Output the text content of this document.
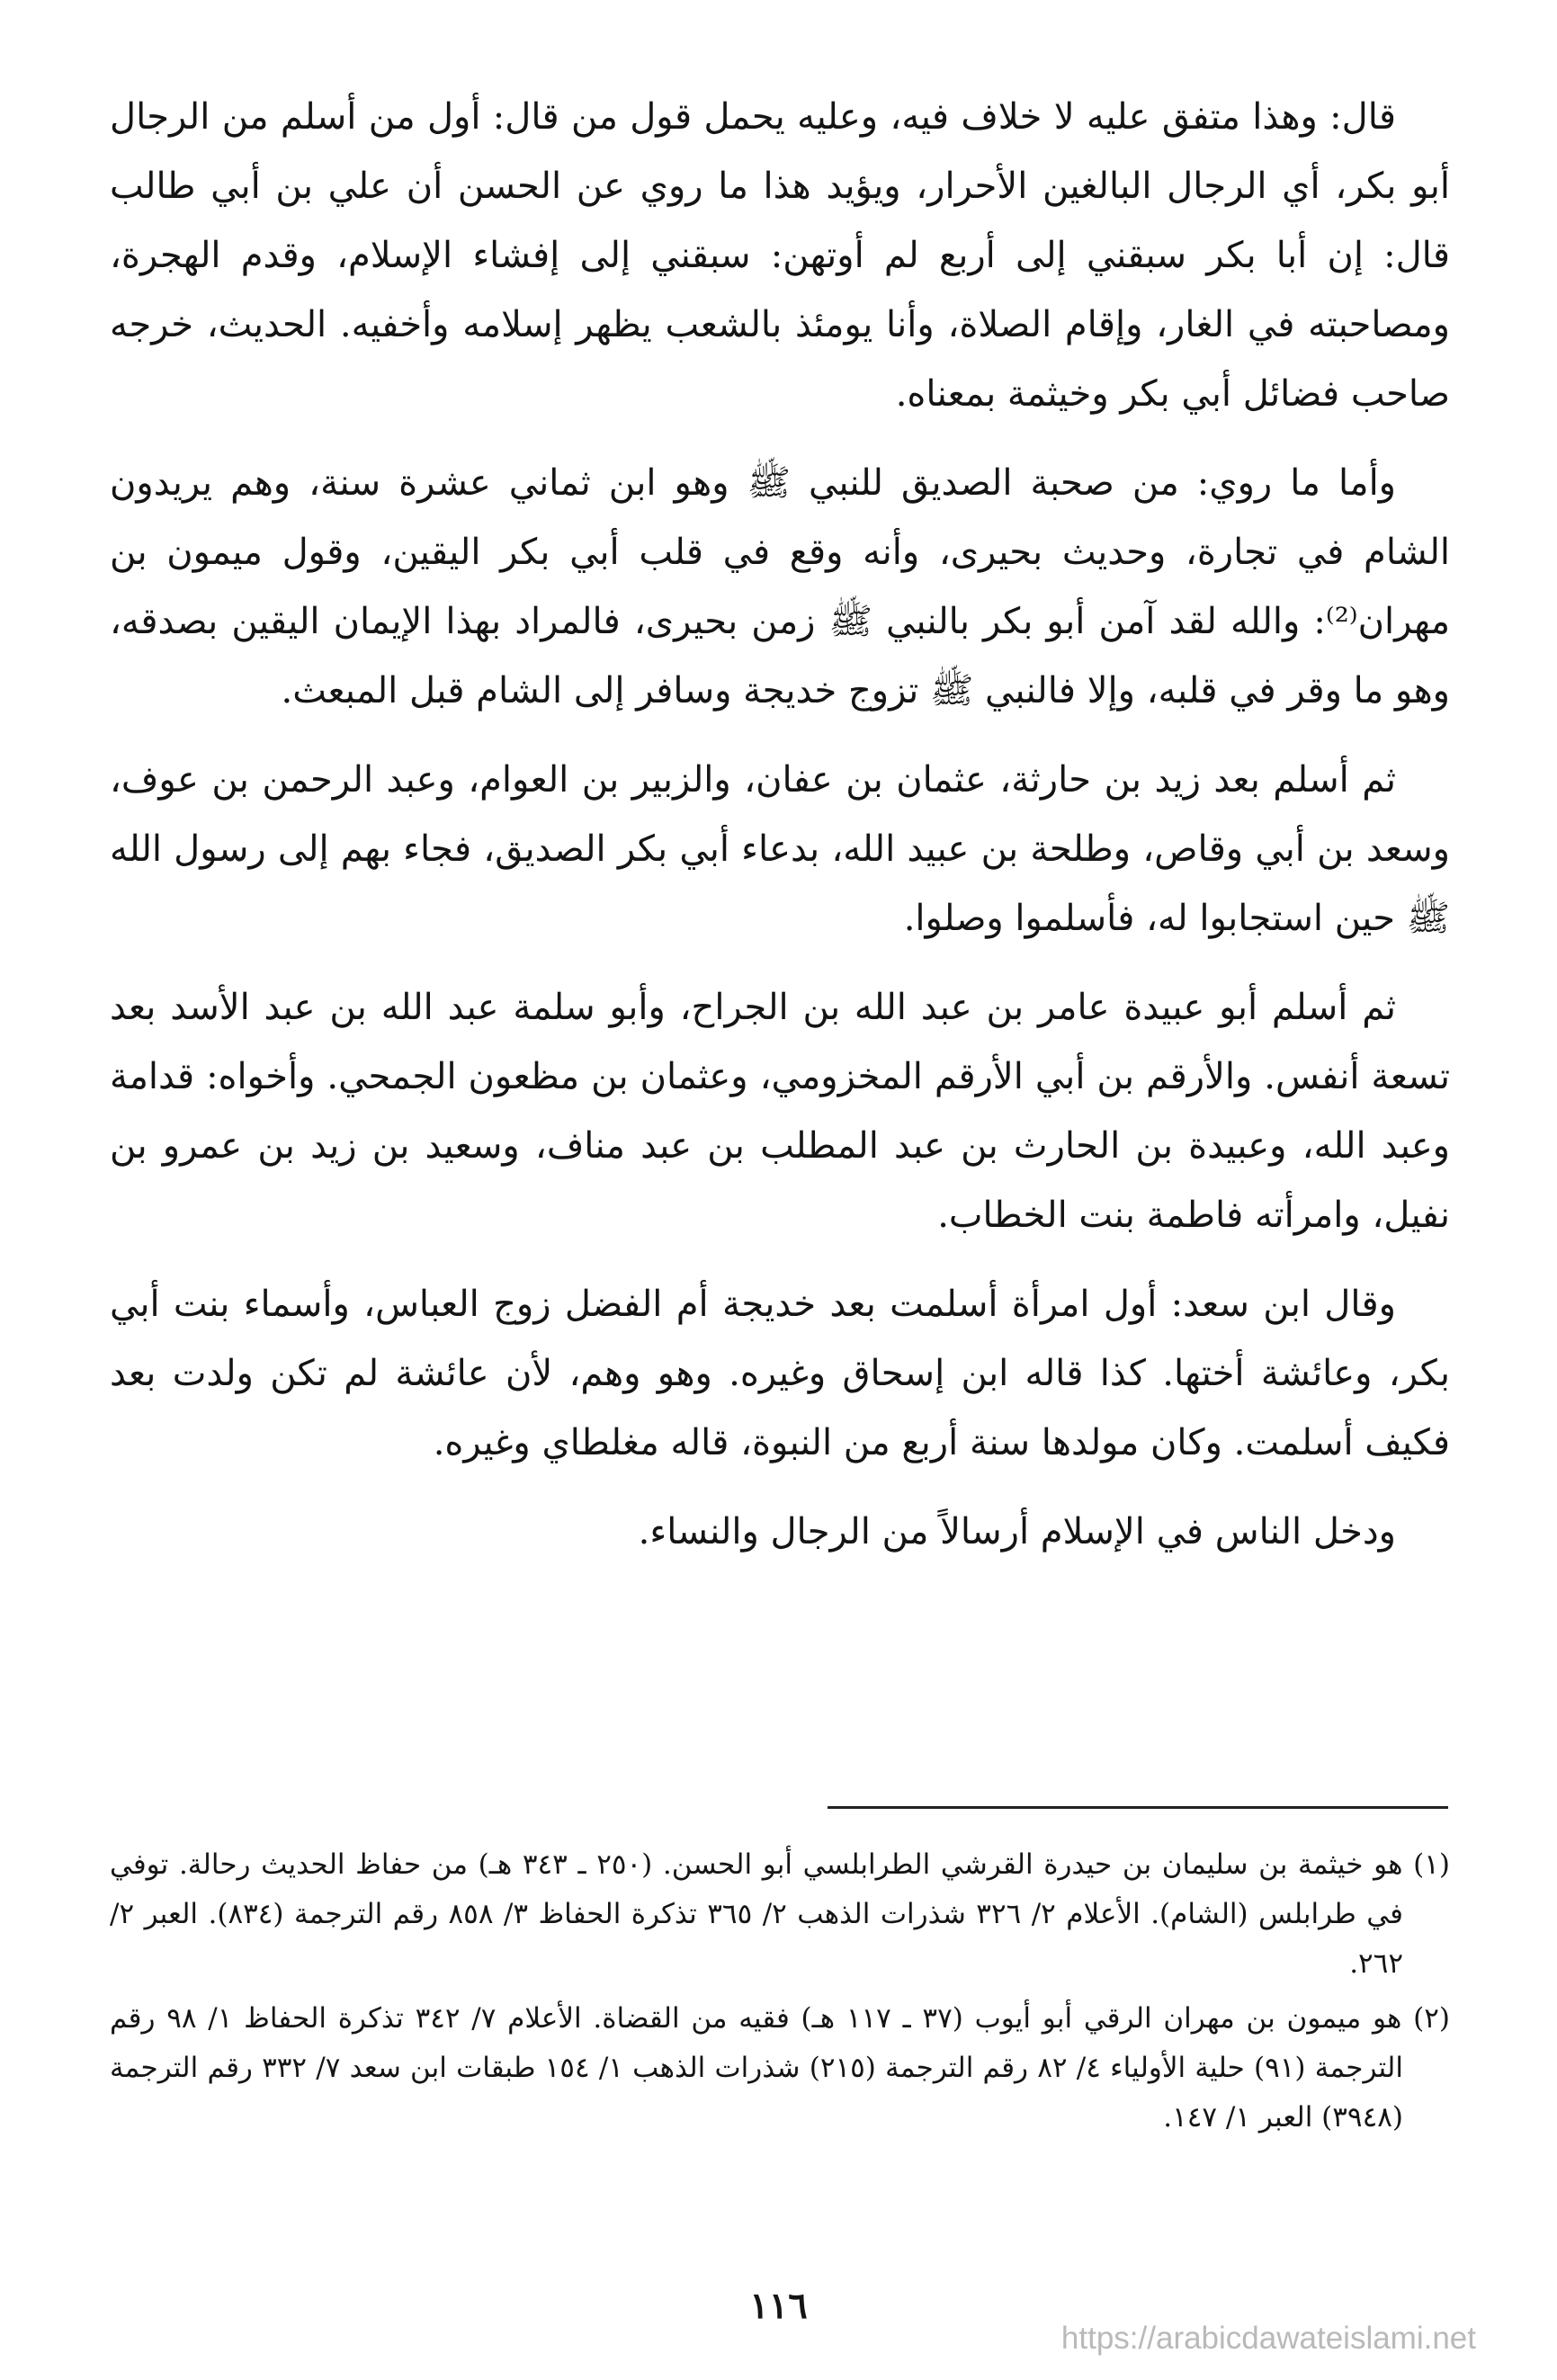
قال: وهذا متفق عليه لا خلاف فيه، وعليه يحمل قول من قال: أول من أسلم من الرجال أبو بكر، أي الرجال البالغين الأحرار، ويؤيد هذا ما روي عن الحسن أن علي بن أبي طالب قال: إن أبا بكر سبقني إلى أربع لم أوتهن: سبقني إلى إفشاء الإسلام، وقدم الهجرة، ومصاحبته في الغار، وإقام الصلاة، وأنا يومئذ بالشعب يظهر إسلامه وأخفيه. الحديث، خرجه صاحب فضائل أبي بكر وخيثمة بمعناه.

وأما ما روي: من صحبة الصديق للنبي ﷺ وهو ابن ثماني عشرة سنة، وهم يريدون الشام في تجارة، وحديث بحيرى، وأنه وقع في قلب أبي بكر اليقين، وقول ميمون بن مهران⁽²⁾: والله لقد آمن أبو بكر بالنبي ﷺ زمن بحيرى، فالمراد بهذا الإيمان اليقين بصدقه، وهو ما وقر في قلبه، وإلا فالنبي ﷺ تزوج خديجة وسافر إلى الشام قبل المبعث.

ثم أسلم بعد زيد بن حارثة، عثمان بن عفان، والزبير بن العوام، وعبد الرحمن بن عوف، وسعد بن أبي وقاص، وطلحة بن عبيد الله، بدعاء أبي بكر الصديق، فجاء بهم إلى رسول الله ﷺ حين استجابوا له، فأسلموا وصلوا.

ثم أسلم أبو عبيدة عامر بن عبد الله بن الجراح، وأبو سلمة عبد الله بن عبد الأسد بعد تسعة أنفس. والأرقم بن أبي الأرقم المخزومي، وعثمان بن مظعون الجمحي. وأخواه: قدامة وعبد الله، وعبيدة بن الحارث بن عبد المطلب بن عبد مناف، وسعيد بن زيد بن عمرو بن نفيل، وامرأته فاطمة بنت الخطاب.

وقال ابن سعد: أول امرأة أسلمت بعد خديجة أم الفضل زوج العباس، وأسماء بنت أبي بكر، وعائشة أختها. كذا قاله ابن إسحاق وغيره. وهو وهم، لأن عائشة لم تكن ولدت بعد فكيف أسلمت. وكان مولدها سنة أربع من النبوة، قاله مغلطاي وغيره.

ودخل الناس في الإسلام أرسالاً من الرجال والنساء.

(١) هو خيثمة بن سليمان بن حيدرة القرشي الطرابلسي أبو الحسن. (٢٥٠ ـ ٣٤٣ هـ) من حفاظ الحديث رحالة. توفي في طرابلس (الشام). الأعلام ٢/ ٣٢٦ شذرات الذهب ٢/ ٣٦٥ تذكرة الحفاظ ٣/ ٨٥٨ رقم الترجمة (٨٣٤). العبر ٢/ ٢٦٢.

(٢) هو ميمون بن مهران الرقي أبو أيوب (٣٧ ـ ١١٧ هـ) فقيه من القضاة. الأعلام ٧/ ٣٤٢ تذكرة الحفاظ ١/ ٩٨ رقم الترجمة (٩١) حلية الأولياء ٤/ ٨٢ رقم الترجمة (٢١٥) شذرات الذهب ١/ ١٥٤ طبقات ابن سعد ٧/ ٣٣٢ رقم الترجمة (٣٩٤٨) العبر ١/ ١٤٧.

١١٦
https://arabicdawateislami.net
